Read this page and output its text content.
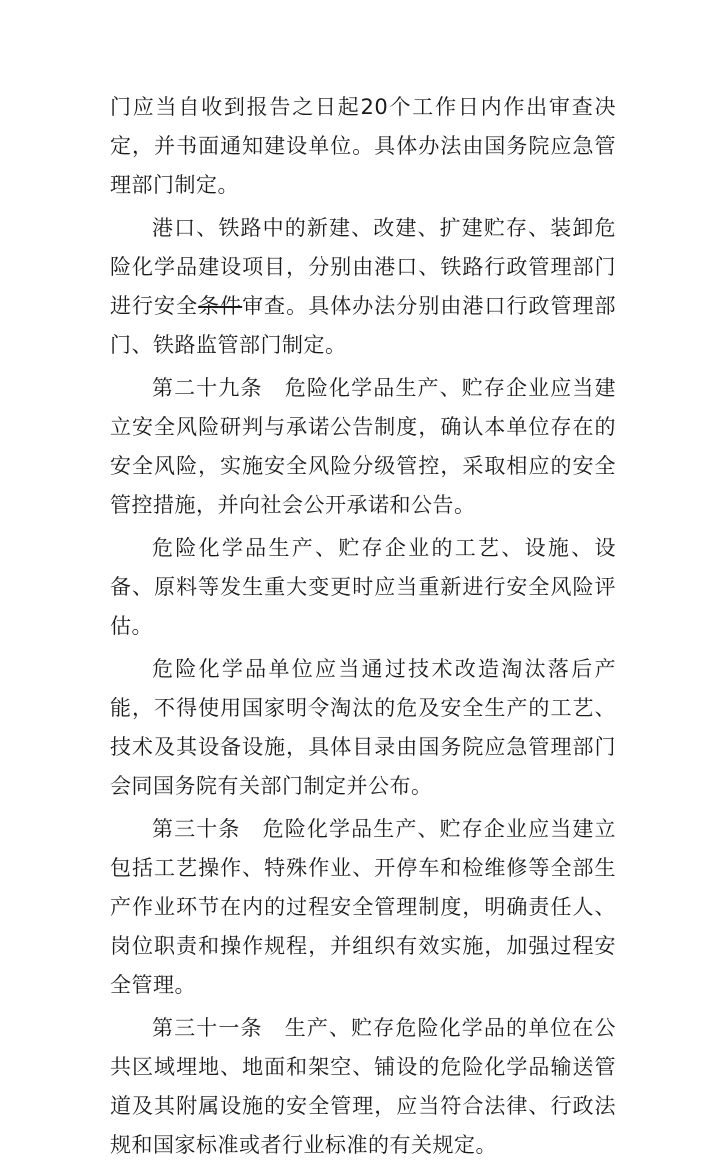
门应当自收到报告之日起20个工作日内作出审查决定，并书面通知建设单位。具体办法由国务院应急管理部门制定。

港口、铁路中的新建、改建、扩建贮存、装卸危险化学品建设项目，分别由港口、铁路行政管理部门进行安全条件审查。具体办法分别由港口行政管理部门、铁路监管部门制定。

第二十九条　危险化学品生产、贮存企业应当建立安全风险研判与承诺公告制度，确认本单位存在的安全风险，实施安全风险分级管控，采取相应的安全管控措施，并向社会公开承诺和公告。

危险化学品生产、贮存企业的工艺、设施、设备、原料等发生重大变更时应当重新进行安全风险评估。

危险化学品单位应当通过技术改造淘汰落后产能，不得使用国家明令淘汰的危及安全生产的工艺、技术及其设备设施，具体目录由国务院应急管理部门会同国务院有关部门制定并公布。

第三十条　危险化学品生产、贮存企业应当建立包括工艺操作、特殊作业、开停车和检维修等全部生产作业环节在内的过程安全管理制度，明确责任人、岗位职责和操作规程，并组织有效实施，加强过程安全管理。

第三十一条　生产、贮存危险化学品的单位在公共区域埋地、地面和架空、铺设的危险化学品输送管道及其附属设施的安全管理，应当符合法律、行政法规和国家标准或者行业标准的有关规定。
